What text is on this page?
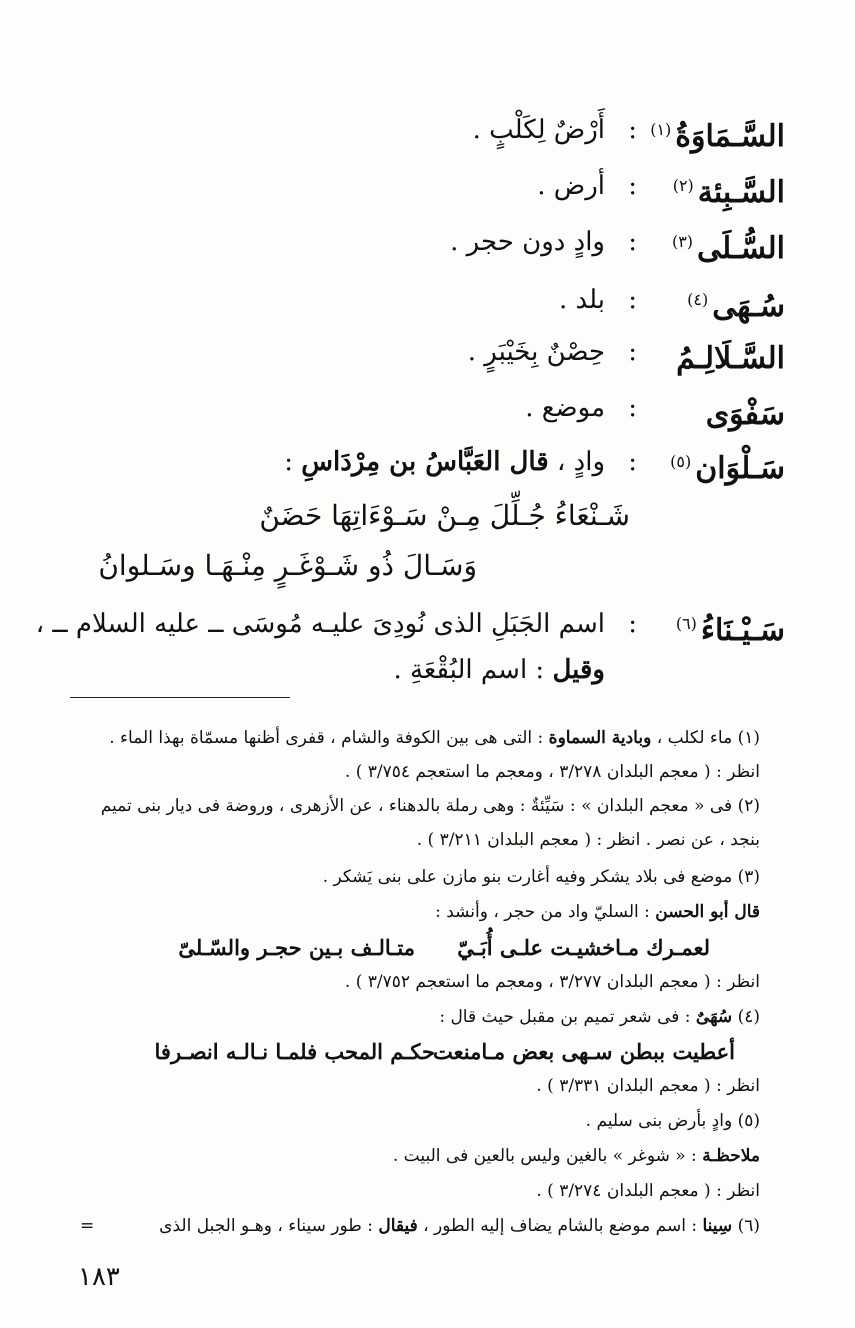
السَّـمَاوَةُ$^{(١)}$
:
أَرْضٌ لِكَلْبٍ .
السَّـبِئة$^{(٢)}$
:
أرض .
السُّـلَى$^{(٣)}$
:
وادٍ دون حجر .
سُـهَى$^{(٤)}$
:
بلد .
السَّـلَالِـمُ
:
حِصْنٌ بِخَيْبَرٍ .
سَفْوَى
:
موضع .
سَـلْوَان$^{(٥)}$
:
وادٍ ، قال العَبَّاسُ بن مِرْدَاسِ :
شَـنْعَاءُ جُـلِّلَ مِـنْ سَـوْءَاتِهَا حَضَنٌ
وَسَـالَ ذُو شَـوْغَـرٍ مِنْـهَـا وسَـلوانُ
سَـيْـنَاءُ$^{(٦)}$
:
اسم الجَبَلِ الذى نُودِىَ عليـه مُوسَى ــ عليه السلام ــ ،
وقيل : اسم البُقْعَةِ .
(١) ماء لكلب ، وبادية السماوة : التى هى بين الكوفة والشام ، قفرى أظنها مسمّاة بهذا الماء .
انظر : ( معجم البلدان ٣/٢٧٨ ، ومعجم ما استعجم ٣/٧٥٤ ) .
(٢) فى « معجم البلدان » : سَيِّئةٌ : وهى رملة بالدهناء ، عن الأزهرى ، وروضة فى ديار بنى تميم
بنجد ، عن نصر . انظر : ( معجم البلدان ٣/٢١١ ) .
(٣) موضع فى بلاد يشكر وفيه أغارت بنو مازن على بنى يَشكر .
قال أبو الحسن : السليّ واد من حجر ، وأنشد :
لعمـرك مـاخشيـت علـى أُبَـيّ
متـالـف بـين حجـر والسّـلىّ
انظر : ( معجم البلدان ٣/٢٧٧ ، ومعجم ما استعجم ٣/٧٥٢ ) .
(٤) سُهَىٌ : فى شعر تميم بن مقبل حيث قال :
أعطيت ببطن سـهى بعض مـامنعت
حكـم المحب فلمـا نـالـه انصـرفا
انظر : ( معجم البلدان ٣/٣٣١ ) .
(٥) وادٍ بأرض بنى سليم .
ملاحظـة : « شوغر » بالغين وليس بالعين فى البيت .
انظر : ( معجم البلدان ٣/٢٧٤ ) .
(٦) سِينا : اسم موضع بالشام يضاف إليه الطور ، فيقال : طور سيناء ، وهـو الجبل الذى
=
١٨٣
